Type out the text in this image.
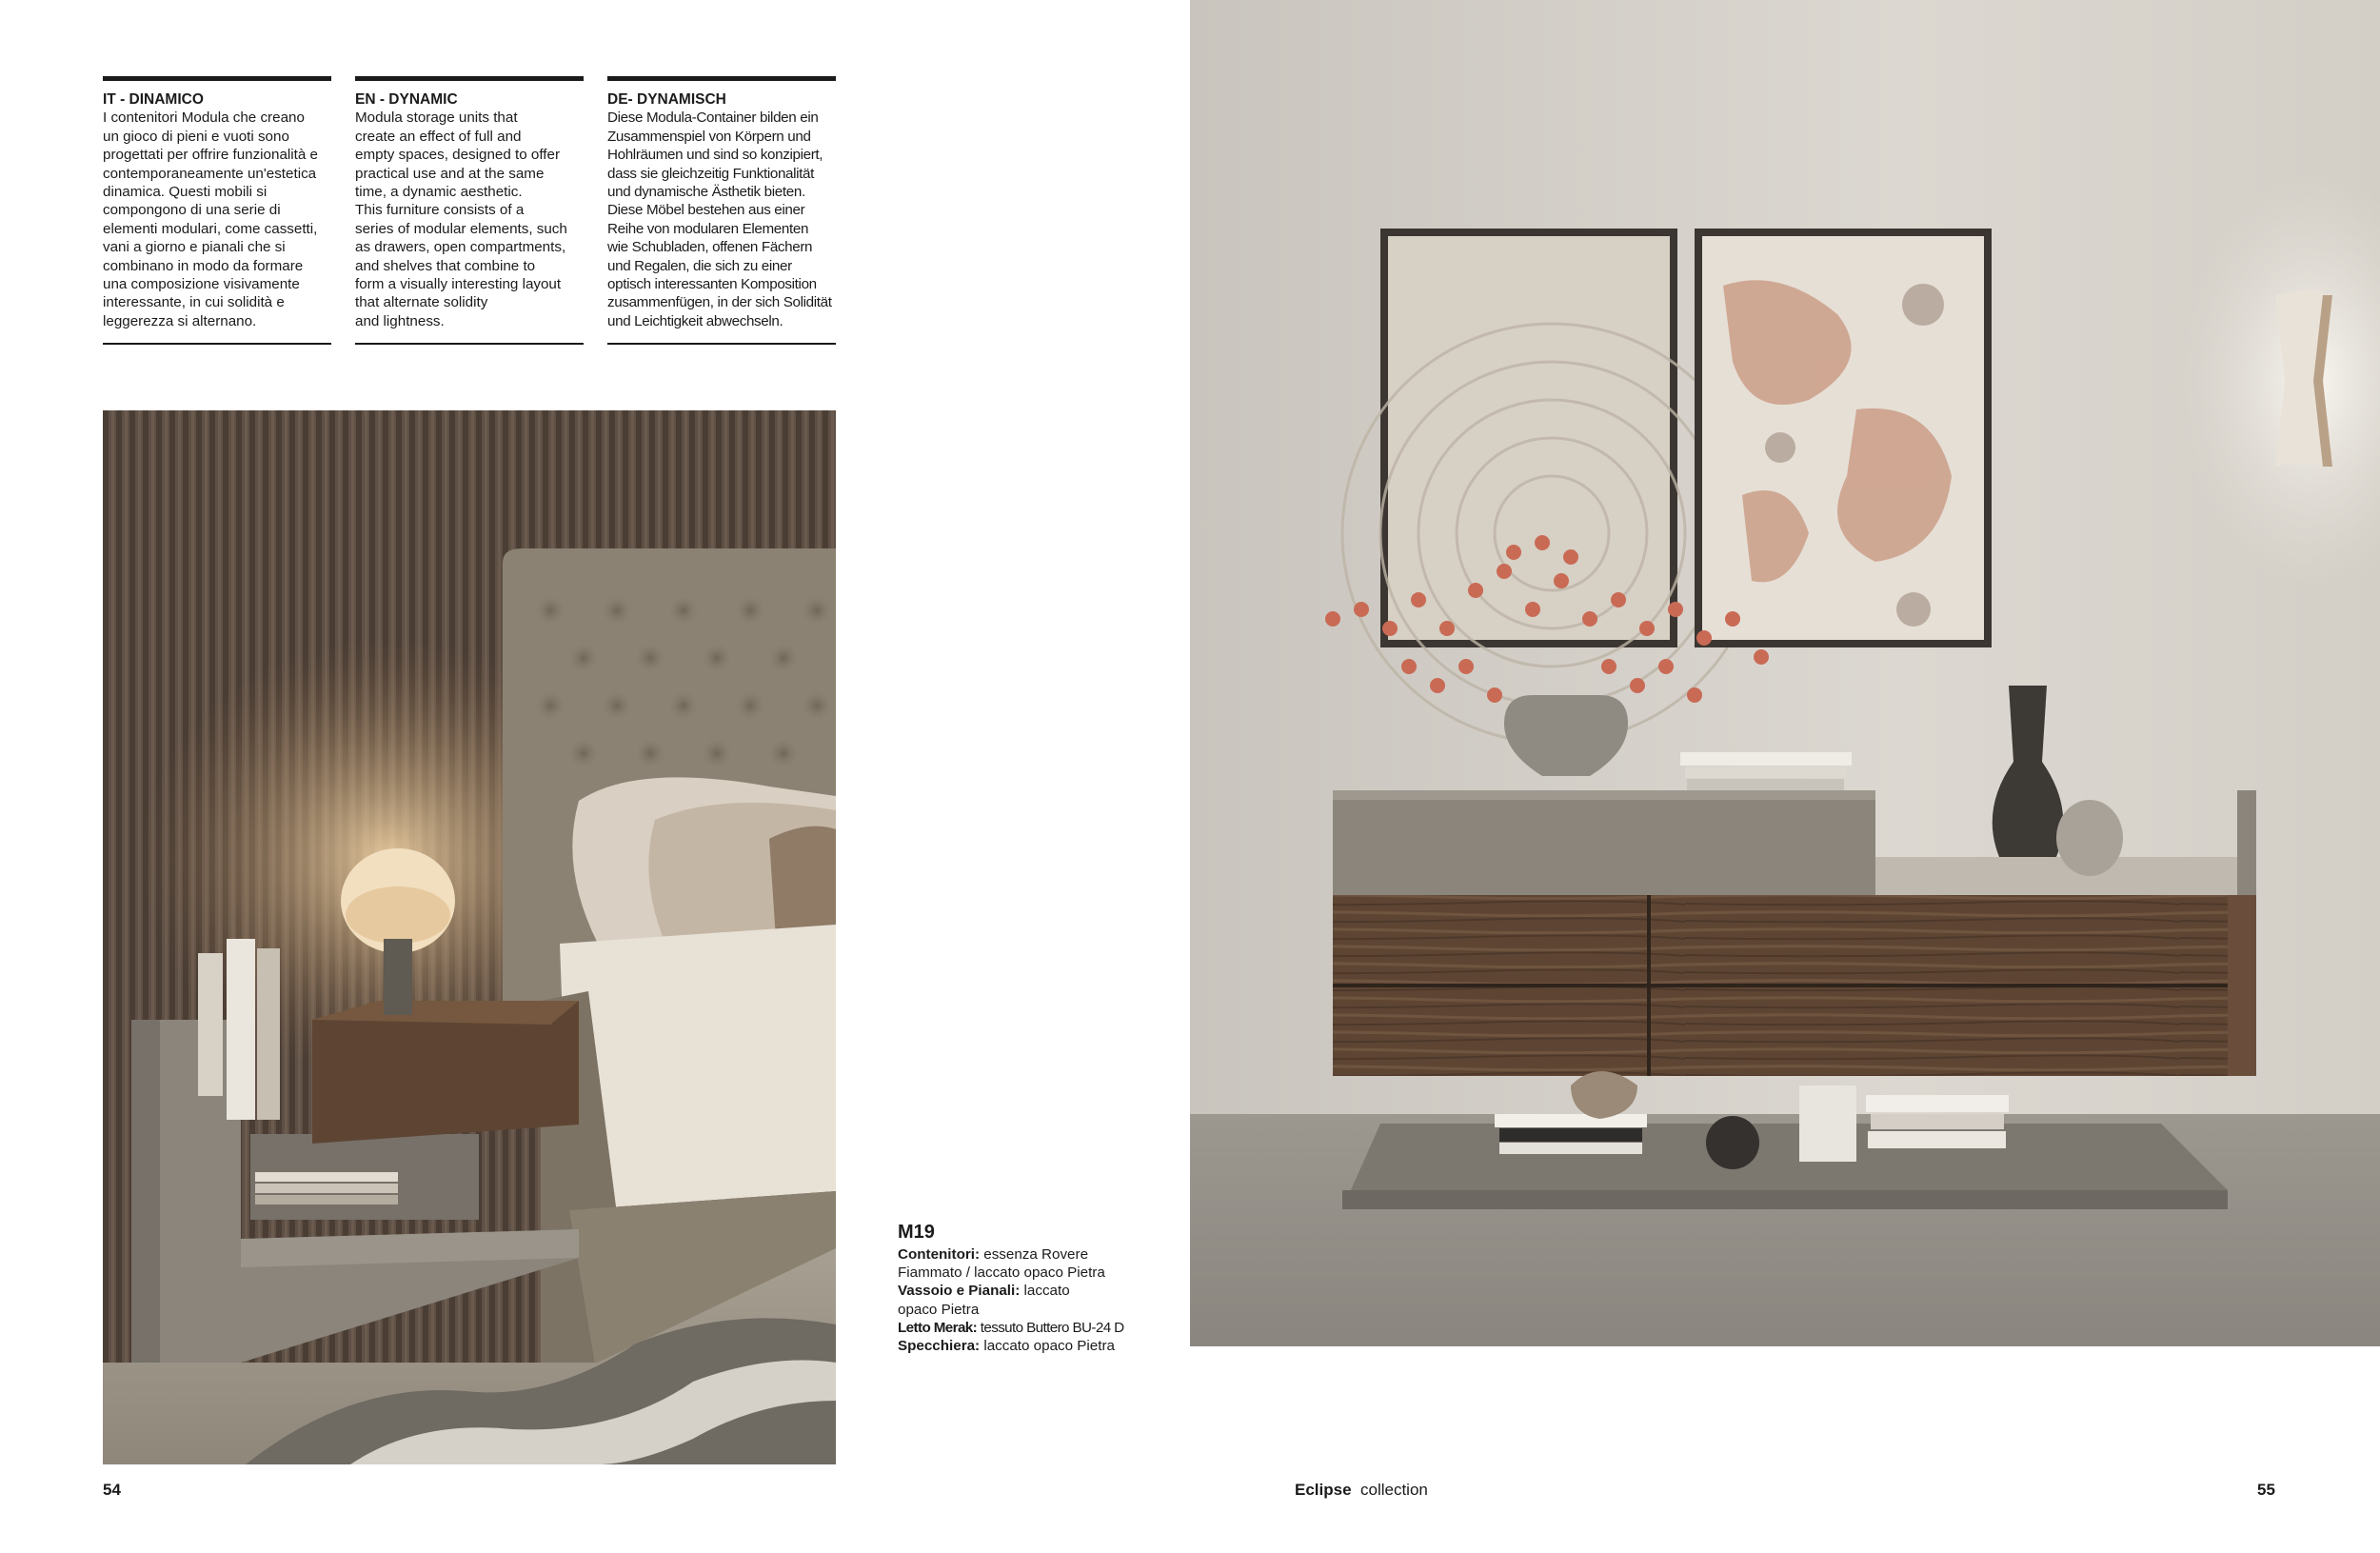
IT - DINAMICO

I contenitori Modula che creano

un gioco di pieni e vuoti sono

progettati per offrire funzionalità e

contemporaneamente un'estetica

dinamica. Questi mobili si

compongono di una serie di

elementi modulari, come cassetti,

vani a giorno e pianali che si

combinano in modo da formare

una composizione visivamente

interessante, in cui solidità e

leggerezza si alternano.

EN - DYNAMIC

Modula storage units that

create an effect of full and

empty spaces, designed to offer

practical use and at the same

time, a dynamic aesthetic.

This furniture consists of a

series of modular elements, such

as drawers, open compartments,

and shelves that combine to

form a visually interesting layout

that alternate solidity

and lightness.

DE- DYNAMISCH

Diese Modula-Container bilden ein

Zusammenspiel von Körpern und

Hohlräumen und sind so konzipiert,

dass sie gleichzeitig Funktionalität

und dynamische Ästhetik bieten.

Diese Möbel bestehen aus einer

Reihe von modularen Elementen

wie Schubladen, offenen Fächern

und Regalen, die sich zu einer

optisch interessanten Komposition

zusammenfügen, in der sich Solidität

und Leichtigkeit abwechseln.

M19
Contenitori: essenza Rovere
Fiammato / laccato opaco Pietra
Vassoio e Pianali: laccato
opaco Pietra
Letto Merak: tessuto Buttero BU-24 D
Specchiera: laccato opaco Pietra
54	Eclipse collection	55
